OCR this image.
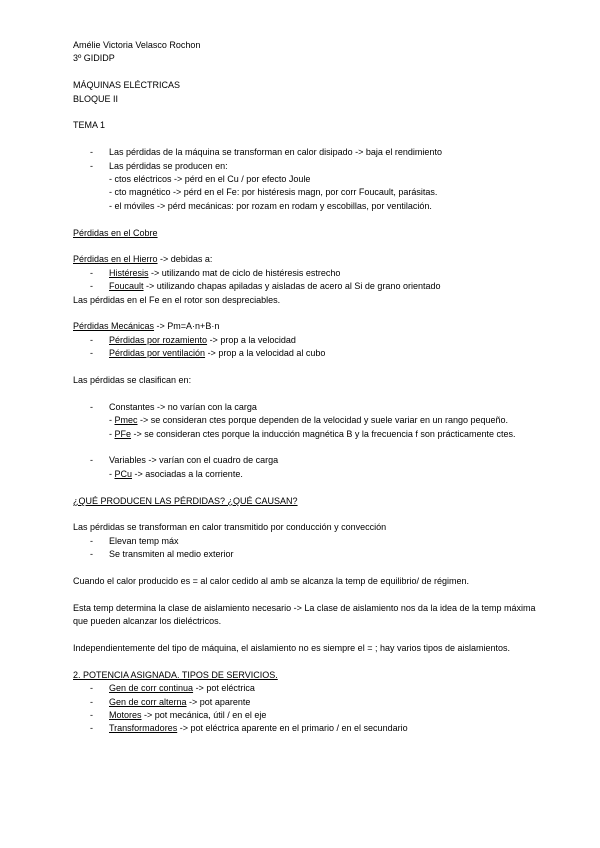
Amélie Victoria Velasco Rochon
3º GIDIDP
MÁQUINAS ELÉCTRICAS
BLOQUE II
TEMA 1
- Las pérdidas de la máquina se transforman en calor disipado -> baja el rendimiento
- Las pérdidas se producen en:
- ctos eléctricos -> pérd en el Cu / por efecto Joule
- cto magnético -> pérd en el Fe: por histéresis magn, por corr Foucault, parásitas.
- el móviles -> pérd mecánicas: por rozam en rodam y escobillas, por ventilación.
Pérdidas en el Cobre
Pérdidas en el Hierro -> debidas a:
- Histéresis -> utilizando mat de ciclo de histéresis estrecho
- Foucault -> utilizando chapas apiladas y aisladas de acero al Si de grano orientado
Las pérdidas en el Fe en el rotor son despreciables.
Pérdidas Mecánicas -> Pm=A·n+B·n
- Pérdidas por rozamiento -> prop a la velocidad
- Pérdidas por ventilación -> prop a la velocidad al cubo
Las pérdidas se clasifican en:
- Constantes -> no varían con la carga
- Pmec -> se consideran ctes porque dependen de la velocidad y suele variar en un rango pequeño.
- PFe -> se consideran ctes porque la inducción magnética B y la frecuencia f son prácticamente ctes.
- Variables -> varían con el cuadro de carga
- PCu -> asociadas a la corriente.
¿QUÉ PRODUCEN LAS PÉRDIDAS? ¿QUÉ CAUSAN?
Las pérdidas se transforman en calor transmitido por conducción y convección
- Elevan temp máx
- Se transmiten al medio exterior
Cuando el calor producido es = al calor cedido al amb se alcanza la temp de equilibrio/ de régimen.
Esta temp determina la clase de aislamiento necesario -> La clase de aislamiento nos da la idea de la temp máxima que pueden alcanzar los dieléctricos.
Independientemente del tipo de máquina, el aislamiento no es siempre el = ; hay varios tipos de aislamientos.
2. POTENCIA ASIGNADA. TIPOS DE SERVICIOS.
- Gen de corr continua -> pot eléctrica
- Gen de corr alterna -> pot aparente
- Motores -> pot mecánica, útil / en el eje
- Transformadores -> pot eléctrica aparente en el primario / en el secundario
